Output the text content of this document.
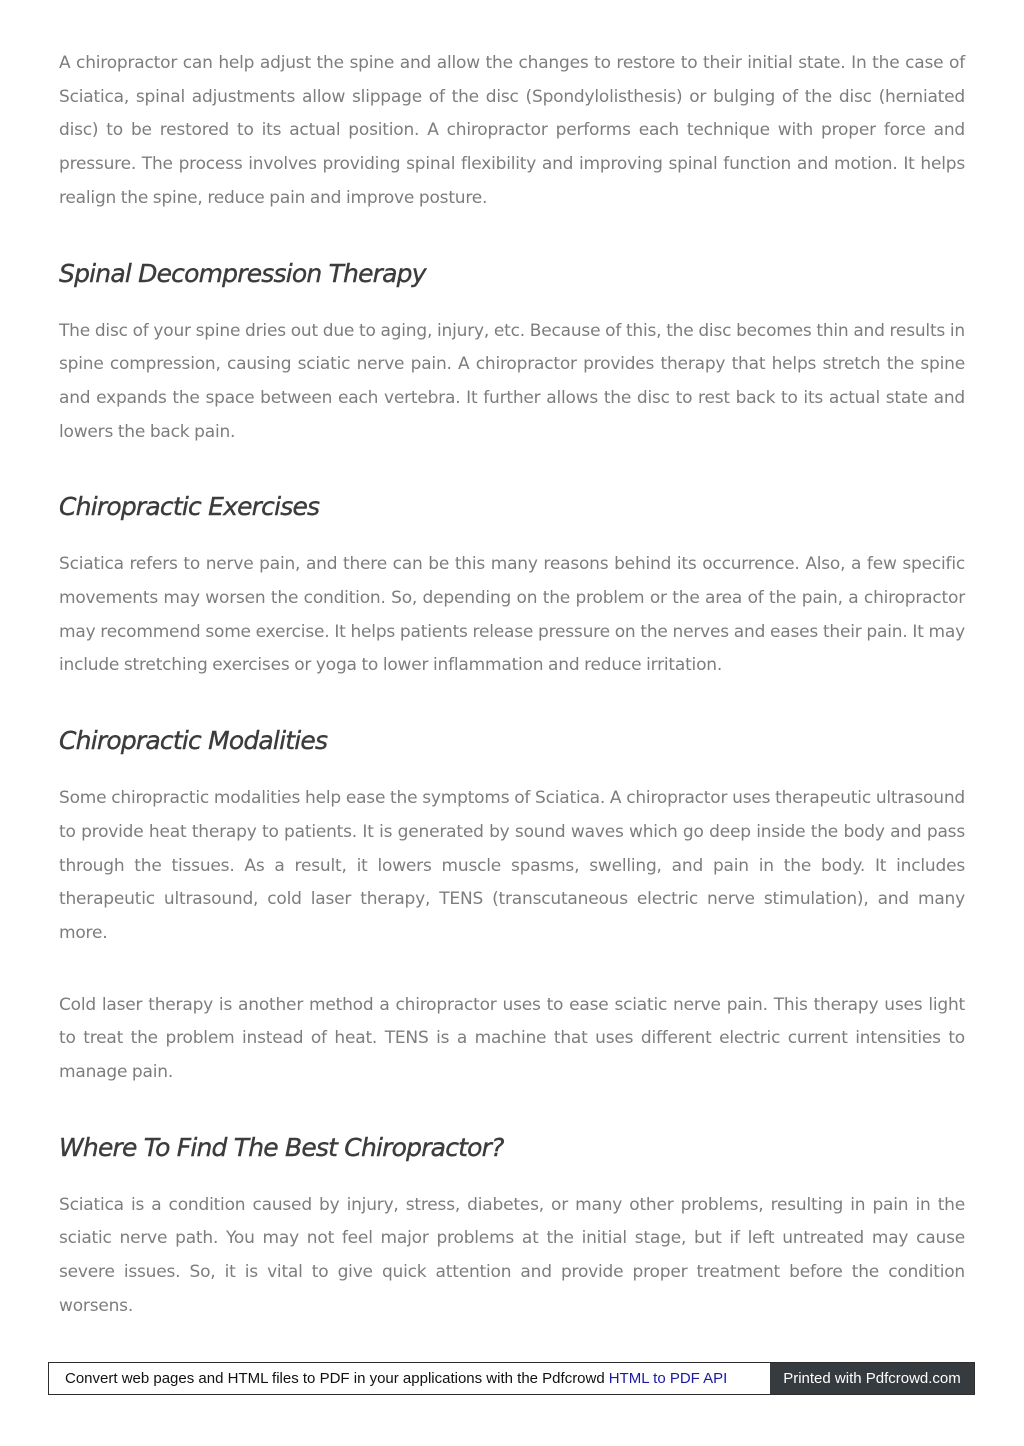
A chiropractor can help adjust the spine and allow the changes to restore to their initial state. In the case of Sciatica, spinal adjustments allow slippage of the disc (Spondylolisthesis) or bulging of the disc (herniated disc) to be restored to its actual position. A chiropractor performs each technique with proper force and pressure. The process involves providing spinal flexibility and improving spinal function and motion. It helps realign the spine, reduce pain and improve posture.

Spinal Decompression Therapy

The disc of your spine dries out due to aging, injury, etc. Because of this, the disc becomes thin and results in spine compression, causing sciatic nerve pain. A chiropractor provides therapy that helps stretch the spine and expands the space between each vertebra. It further allows the disc to rest back to its actual state and lowers the back pain.

Chiropractic Exercises

Sciatica refers to nerve pain, and there can be this many reasons behind its occurrence. Also, a few specific movements may worsen the condition. So, depending on the problem or the area of the pain, a chiropractor may recommend some exercise. It helps patients release pressure on the nerves and eases their pain. It may include stretching exercises or yoga to lower inflammation and reduce irritation.

Chiropractic Modalities

Some chiropractic modalities help ease the symptoms of Sciatica. A chiropractor uses therapeutic ultrasound to provide heat therapy to patients. It is generated by sound waves which go deep inside the body and pass through the tissues. As a result, it lowers muscle spasms, swelling, and pain in the body. It includes therapeutic ultrasound, cold laser therapy, TENS (transcutaneous electric nerve stimulation), and many more.

Cold laser therapy is another method a chiropractor uses to ease sciatic nerve pain. This therapy uses light to treat the problem instead of heat. TENS is a machine that uses different electric current intensities to manage pain.

Where To Find The Best Chiropractor?

Sciatica is a condition caused by injury, stress, diabetes, or many other problems, resulting in pain in the sciatic nerve path. You may not feel major problems at the initial stage, but if left untreated may cause severe issues. So, it is vital to give quick attention and provide proper treatment before the condition worsens.

Convert web pages and HTML files to PDF in your applications with the Pdfcrowd HTML to PDF API	Printed with Pdfcrowd.com
